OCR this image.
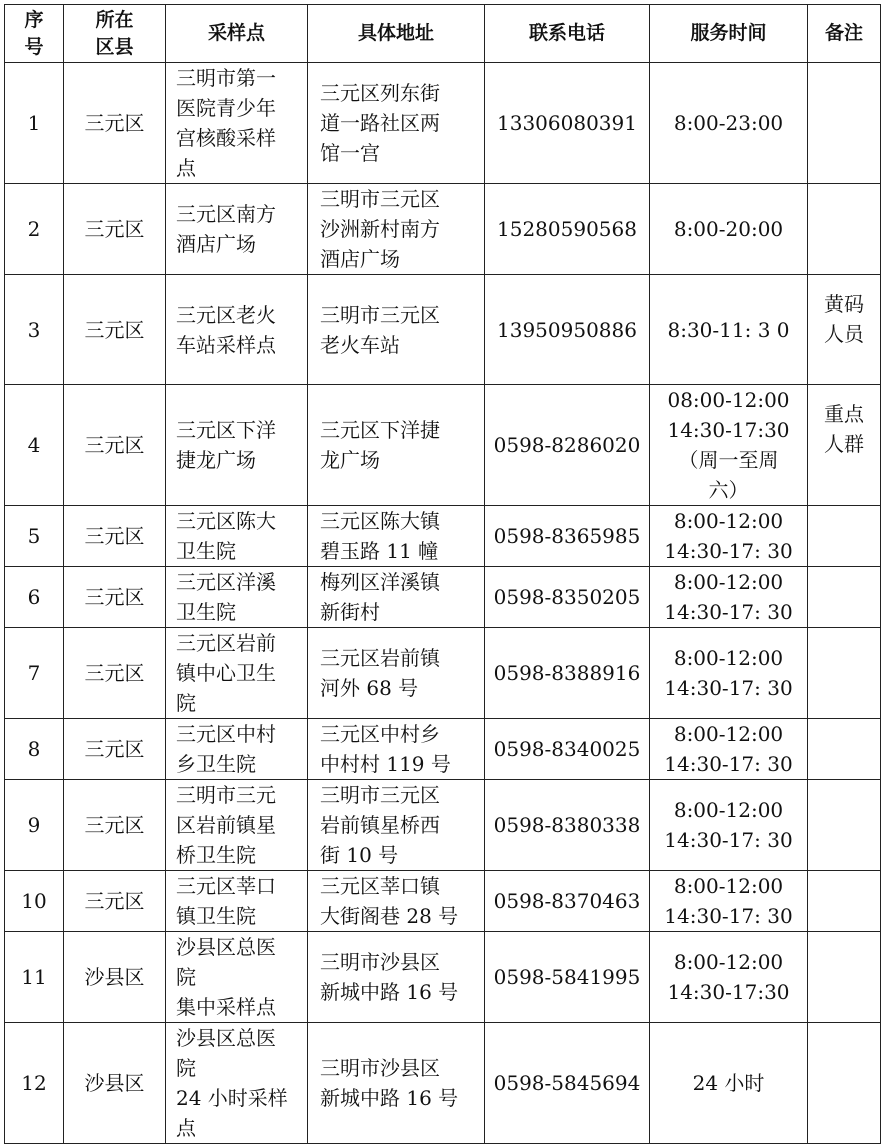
序
号	所在
区县	采样点	具体地址	联系电话	服务时间	备注
1	三元区	三明市第一
医院青少年
宫核酸采样
点	三元区列东街
道一路社区两
馆一宫	13306080391	8:00-23:00	
2	三元区	三元区南方
酒店广场	三明市三元区
沙洲新村南方
酒店广场	15280590568	8:00-20:00	
3	三元区	三元区老火
车站采样点	三明市三元区
老火车站	13950950886	8:30-11: 3 0	黄码
人员
4	三元区	三元区下洋
捷龙广场	三元区下洋捷
龙广场	0598-8286020	08:00-12:00
14:30-17:30
（周一至周
六）	重点
人群
5	三元区	三元区陈大
卫生院	三元区陈大镇
碧玉路 11 幢	0598-8365985	8:00-12:00
14:30-17: 30	
6	三元区	三元区洋溪
卫生院	梅列区洋溪镇
新街村	0598-8350205	8:00-12:00
14:30-17: 30	
7	三元区	三元区岩前
镇中心卫生
院	三元区岩前镇
河外 68 号	0598-8388916	8:00-12:00
14:30-17: 30	
8	三元区	三元区中村
乡卫生院	三元区中村乡
中村村 119 号	0598-8340025	8:00-12:00
14:30-17: 30	
9	三元区	三明市三元
区岩前镇星
桥卫生院	三明市三元区
岩前镇星桥西
街 10 号	0598-8380338	8:00-12:00
14:30-17: 30	
10	三元区	三元区莘口
镇卫生院	三元区莘口镇
大街阁巷 28 号	0598-8370463	8:00-12:00
14:30-17: 30	
11	沙县区	沙县区总医
院
集中采样点	三明市沙县区
新城中路 16 号	0598-5841995	8:00-12:00
14:30-17:30	
12	沙县区	沙县区总医
院
24 小时采样
点	三明市沙县区
新城中路 16 号	0598-5845694	24 小时	
